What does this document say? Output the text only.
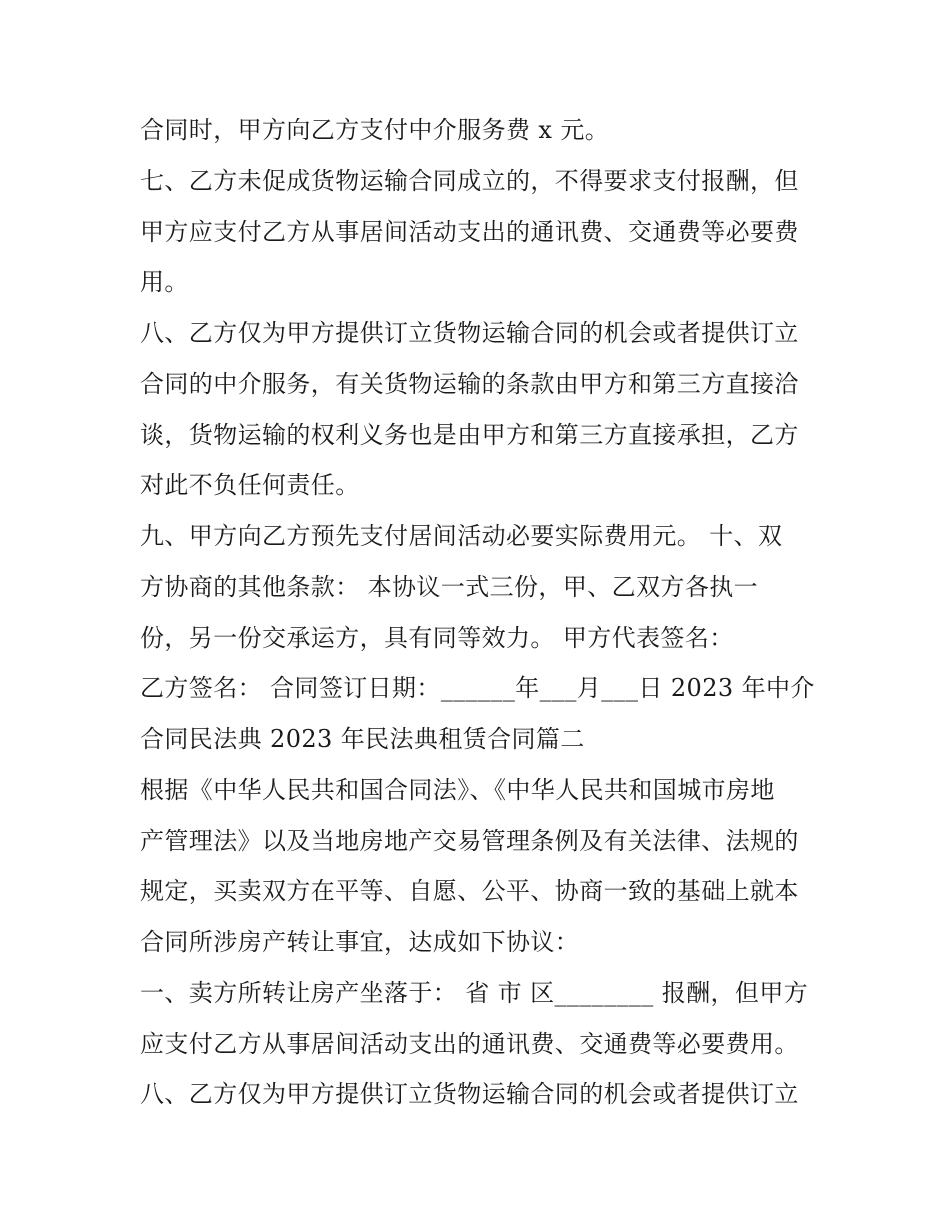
合同时，甲方向乙方支付中介服务费 x 元。
七、乙方未促成货物运输合同成立的，不得要求支付报酬，但
甲方应支付乙方从事居间活动支出的通讯费、交通费等必要费
用。
八、乙方仅为甲方提供订立货物运输合同的机会或者提供订立
合同的中介服务，有关货物运输的条款由甲方和第三方直接洽
谈，货物运输的权利义务也是由甲方和第三方直接承担，乙方
对此不负任何责任。
九、甲方向乙方预先支付居间活动必要实际费用元。 十、双
方协商的其他条款： 本协议一式三份，甲、乙双方各执一
份，另一份交承运方，具有同等效力。 甲方代表签名：
乙方签名： 合同签订日期：______年___月___日 2023 年中介
合同民法典 2023 年民法典租赁合同篇二
根据《中华人民共和国合同法》、《中华人民共和国城市房地
产管理法》以及当地房地产交易管理条例及有关法律、法规的
规定，买卖双方在平等、自愿、公平、协商一致的基础上就本
合同所涉房产转让事宜，达成如下协议：
一、卖方所转让房产坐落于： 省 市 区________ 报酬，但甲方
应支付乙方从事居间活动支出的通讯费、交通费等必要费用。
八、乙方仅为甲方提供订立货物运输合同的机会或者提供订立
